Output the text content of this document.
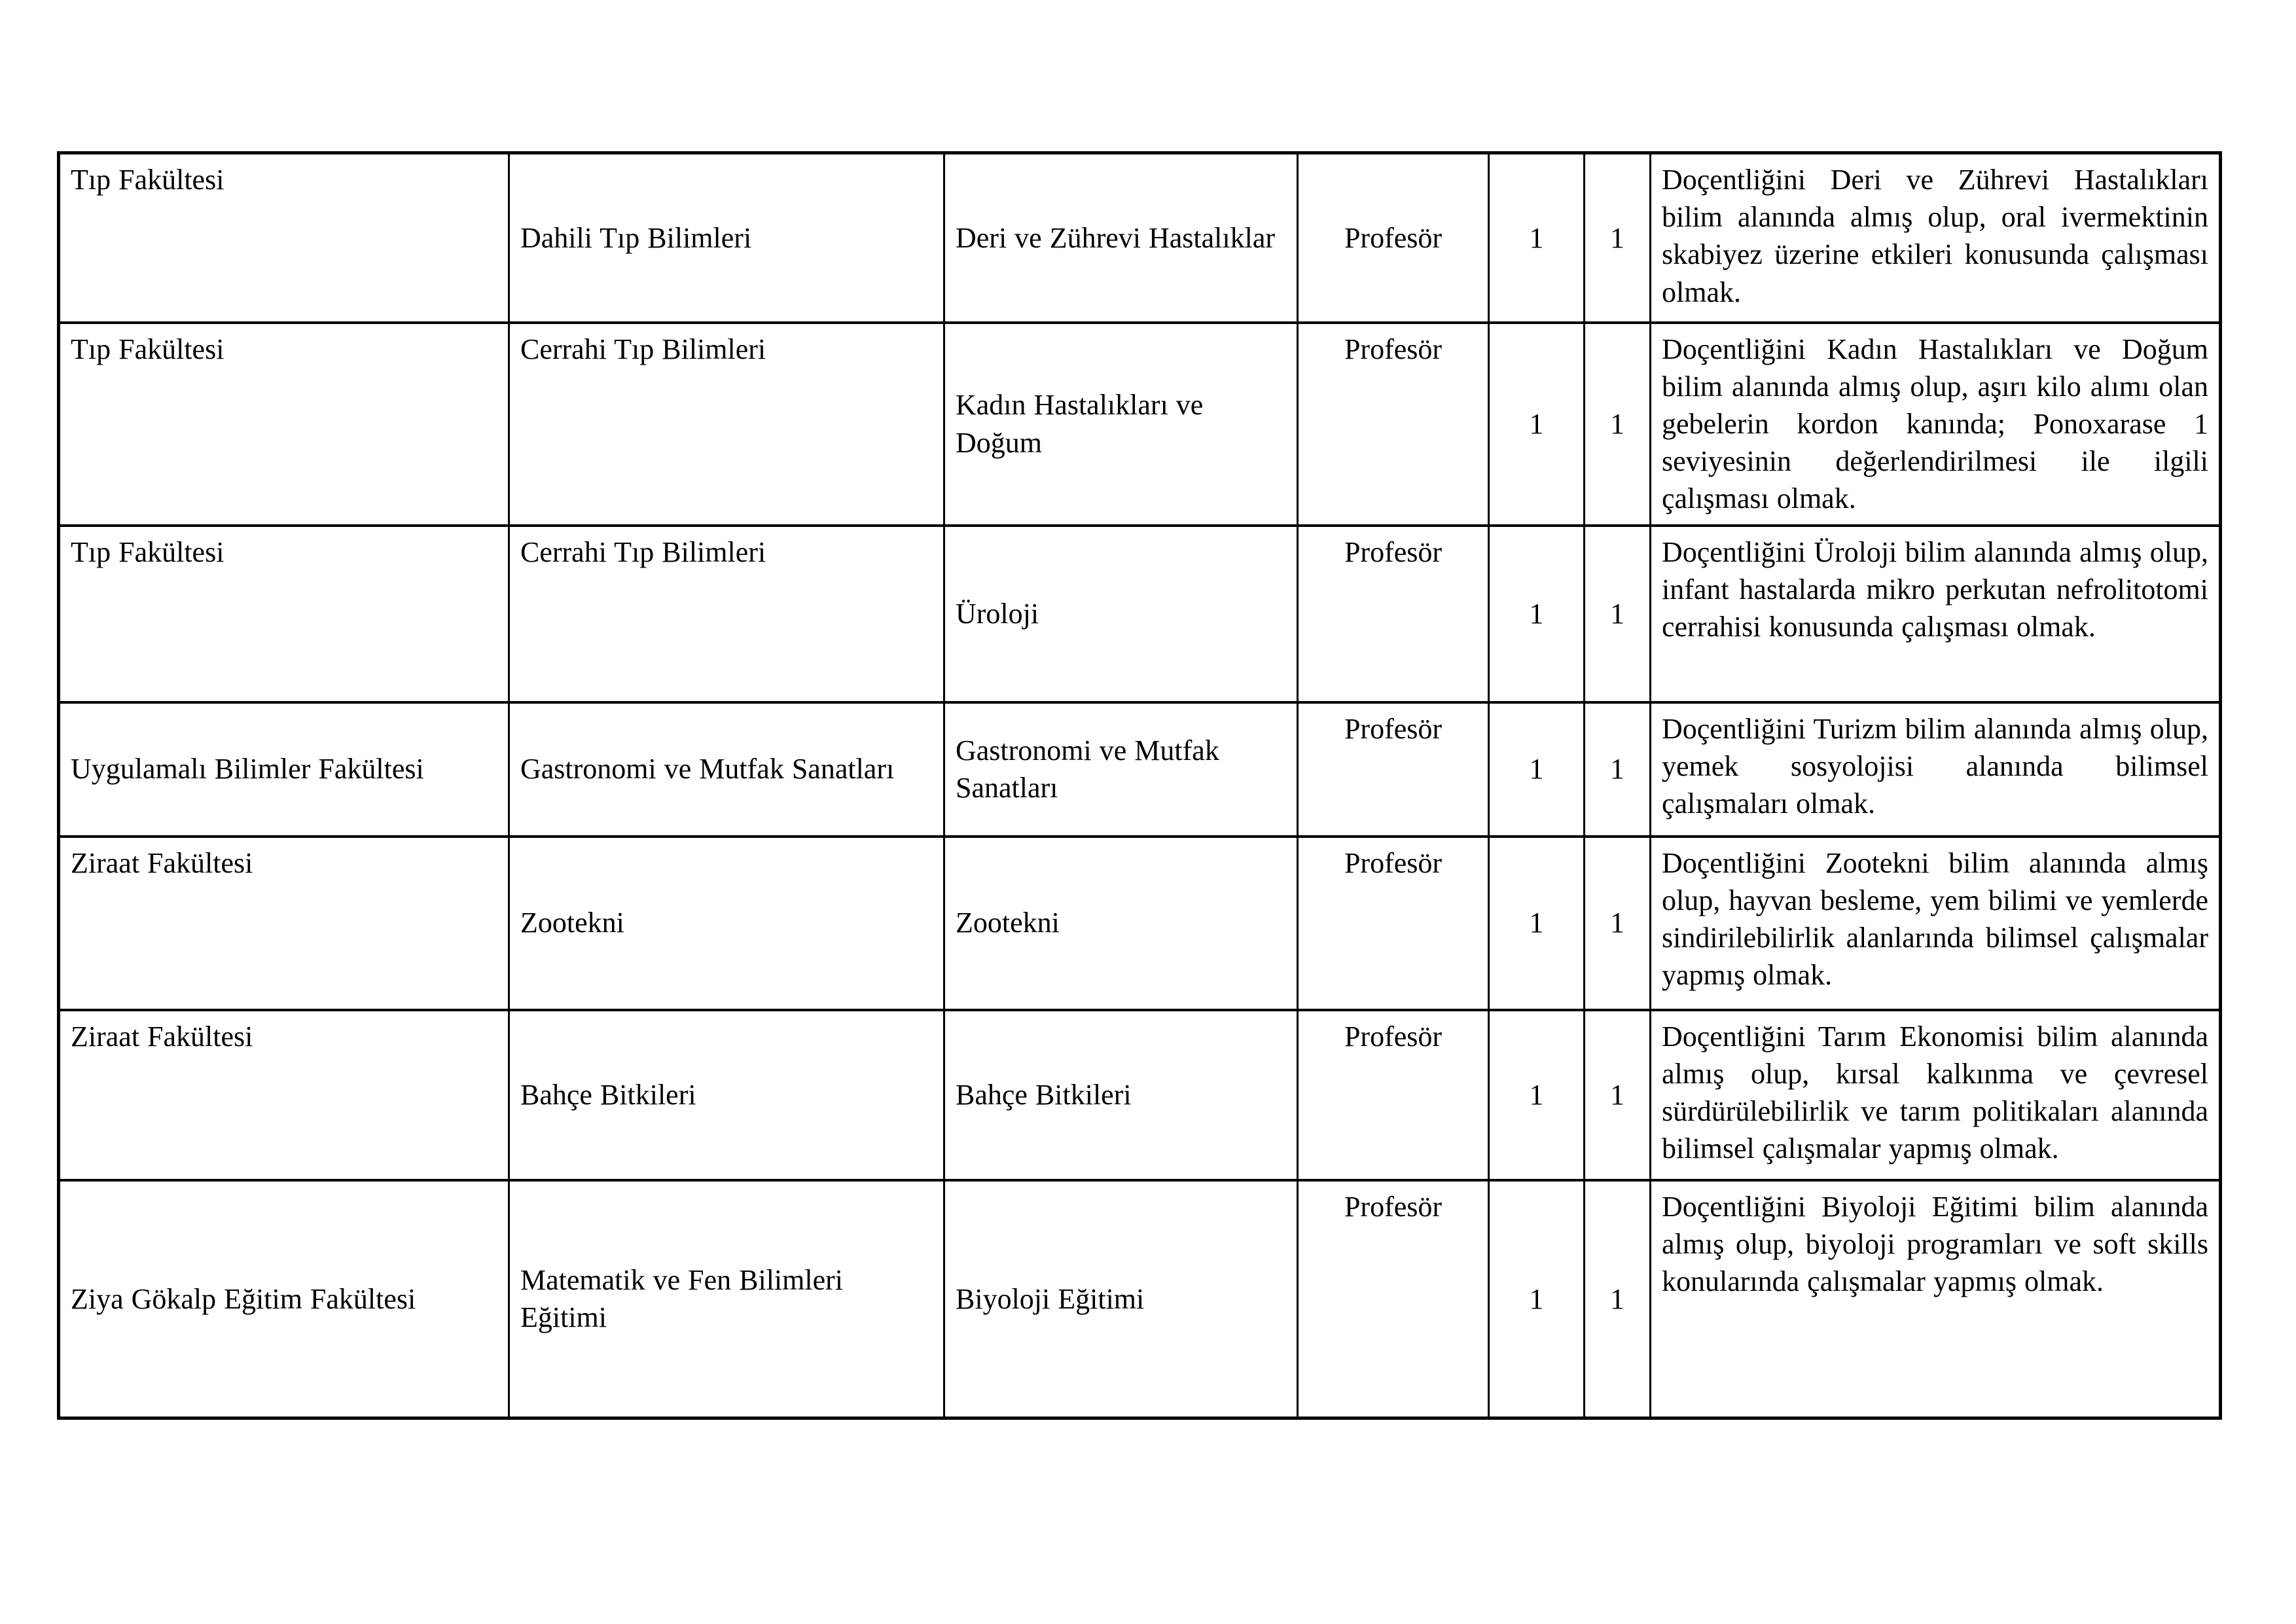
Tıp Fakültesi	Dahili Tıp Bilimleri	Deri ve Zührevi Hastalıklar	Profesör	1	1	Doçentliğini Deri ve Zührevi Hastalıkları bilim alanında almış olup, oral ivermektinin skabiyez üzerine etkileri konusunda çalışması olmak.
Tıp Fakültesi	Cerrahi Tıp Bilimleri	Kadın Hastalıkları ve Doğum	Profesör	1	1	Doçentliğini Kadın Hastalıkları ve Doğum bilim alanında almış olup, aşırı kilo alımı olan gebelerin kordon kanında; Ponoxarase 1 seviyesinin değerlendirilmesi ile ilgili çalışması olmak.
Tıp Fakültesi	Cerrahi Tıp Bilimleri	Üroloji	Profesör	1	1	Doçentliğini Üroloji bilim alanında almış olup, infant hastalarda mikro perkutan nefrolitotomi cerrahisi konusunda çalışması olmak.
Uygulamalı Bilimler Fakültesi	Gastronomi ve Mutfak Sanatları	Gastronomi ve Mutfak Sanatları	Profesör	1	1	Doçentliğini Turizm bilim alanında almış olup, yemek sosyolojisi alanında bilimsel çalışmaları olmak.
Ziraat Fakültesi	Zootekni	Zootekni	Profesör	1	1	Doçentliğini Zootekni bilim alanında almış olup, hayvan besleme, yem bilimi ve yemlerde sindirilebilirlik alanlarında bilimsel çalışmalar yapmış olmak.
Ziraat Fakültesi	Bahçe Bitkileri	Bahçe Bitkileri	Profesör	1	1	Doçentliğini Tarım Ekonomisi bilim alanında almış olup, kırsal kalkınma ve çevresel sürdürülebilirlik ve tarım politikaları alanında bilimsel çalışmalar yapmış olmak.
Ziya Gökalp Eğitim Fakültesi	Matematik ve Fen Bilimleri Eğitimi	Biyoloji Eğitimi	Profesör	1	1	Doçentliğini Biyoloji Eğitimi bilim alanında almış olup, biyoloji programları ve soft skills konularında çalışmalar yapmış olmak.
